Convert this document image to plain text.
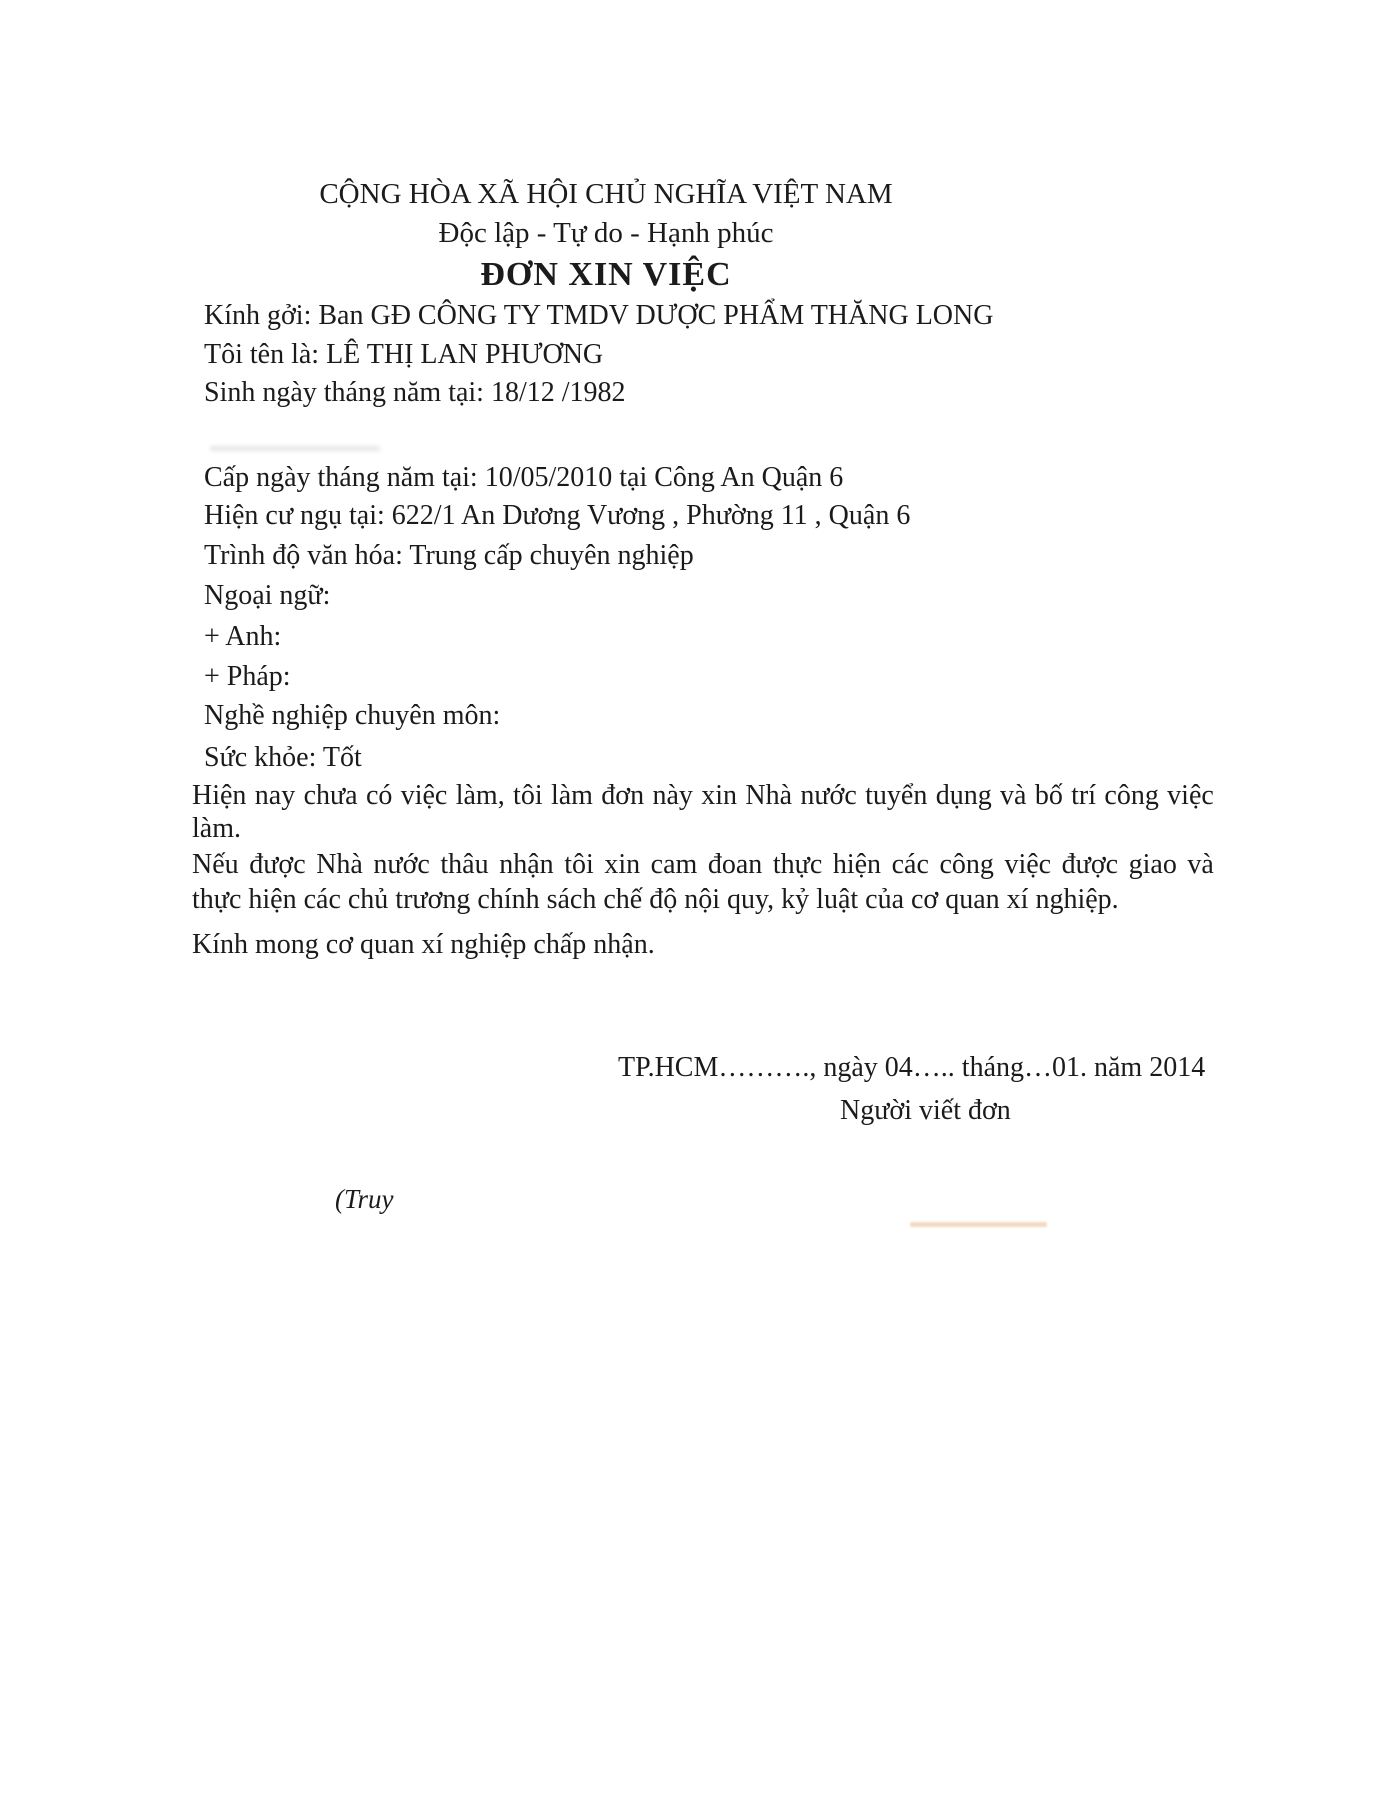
CỘNG HÒA XÃ HỘI CHỦ NGHĨA VIỆT NAM
Độc lập - Tự do - Hạnh phúc
ĐƠN XIN VIỆC
Kính gởi: Ban GĐ CÔNG TY TMDV DƯỢC PHẨM THĂNG LONG
Tôi tên là: LÊ THỊ LAN PHƯƠNG
Sinh ngày tháng năm tại: 18/12 /1982
Cấp ngày tháng năm tại: 10/05/2010 tại Công An Quận 6
Hiện cư ngụ tại: 622/1 An Dương Vương , Phường 11 , Quận 6
Trình độ văn hóa: Trung cấp chuyên nghiệp
Ngoại ngữ:
+ Anh:
+ Pháp:
Nghề nghiệp chuyên môn:
Sức khỏe: Tốt
Hiện nay chưa có việc làm, tôi làm đơn này xin Nhà nước tuyển dụng và bố trí công việc
làm.
Nếu được Nhà nước thâu nhận tôi xin cam đoan thực hiện các công việc được giao và
thực hiện các chủ trương chính sách chế độ nội quy, kỷ luật của cơ quan xí nghiệp.
Kính mong cơ quan xí nghiệp chấp nhận.
TP.HCM………., ngày 04….. tháng…01. năm 2014
Người viết đơn
(Truy
